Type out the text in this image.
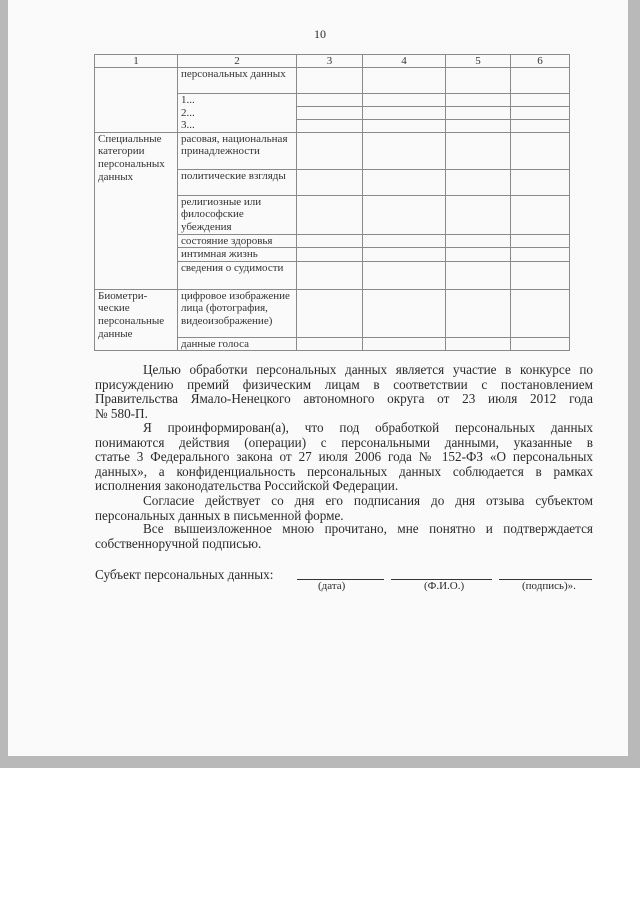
10
1	2	3	4	5	6
	персональных данных				

	1...
2...
3...				

Специальные категории персональных данных	расовая, национальная принадлежности				
	политические взгляды				
	религиозные или философские убеждения				
	состояние здоровья				
	интимная жизнь				
	сведения о судимости				
Биометри-ческие персональные данные	цифровое изображение лица (фотография, видеоизображение)				
	данные голоса				
Целью обработки персональных данных является участие в конкурсе по
присуждению премий физическим лицам в соответствии с постановлением
Правительства Ямало-Ненецкого автономного округа от 23 июля 2012 года
№ 580-П.
Я проинформирован(а), что под обработкой персональных данных
понимаются действия (операции) с персональными данными, указанные в
статье 3 Федерального закона от 27 июля 2006 года № 152-ФЗ «О персональных
данных», а конфиденциальность персональных данных соблюдается в рамках
исполнения законодательства Российской Федерации.
Согласие действует со дня его подписания до дня отзыва субъектом
персональных данных в письменной форме.
Все вышеизложенное мною прочитано, мне понятно и подтверждается
собственноручной подписью.
Субъект персональных данных:
(дата)	(Ф.И.О.)	(подпись)».
